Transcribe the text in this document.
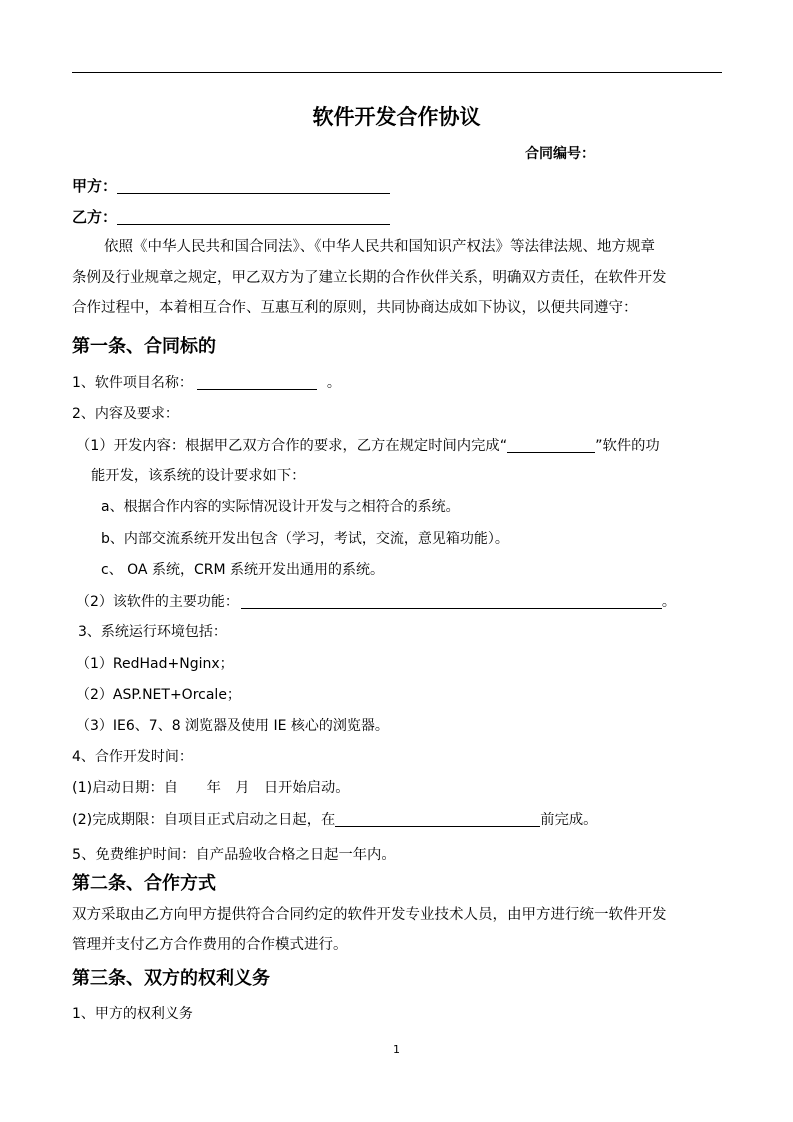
软件开发合作协议
合同编号：
甲方：
乙方：
依照《中华人民共和国合同法》、《中华人民共和国知识产权法》等法律法规、地方规章
条例及行业规章之规定，甲乙双方为了建立长期的合作伙伴关系，明确双方责任，在软件开发
合作过程中，本着相互合作、互惠互利的原则，共同协商达成如下协议，以便共同遵守：
第一条、合同标的
1、软件项目名称：	。
2、内容及要求：
（1）开发内容：根据甲乙双方合作的要求，乙方在规定时间内完成“	”软件的功
能开发，该系统的设计要求如下：
a、根据合作内容的实际情况设计开发与之相符合的系统。
b、内部交流系统开发出包含（学习，考试，交流，意见箱功能）。
c、 OA 系统，CRM 系统开发出通用的系统。
（2）该软件的主要功能：	。
3、系统运行环境包括：
（1）RedHad+Nginx；
（2）ASP.NET+Orcale；
（3）IE6、7、8 浏览器及使用 IE 核心的浏览器。
4、合作开发时间：
(1)启动日期：自　　年　月　日开始启动。
(2)完成期限：自项目正式启动之日起，在	前完成。
5、免费维护时间：自产品验收合格之日起一年内。
第二条、合作方式
双方采取由乙方向甲方提供符合合同约定的软件开发专业技术人员，由甲方进行统一软件开发
管理并支付乙方合作费用的合作模式进行。
第三条、双方的权利义务
1、甲方的权利义务
1
